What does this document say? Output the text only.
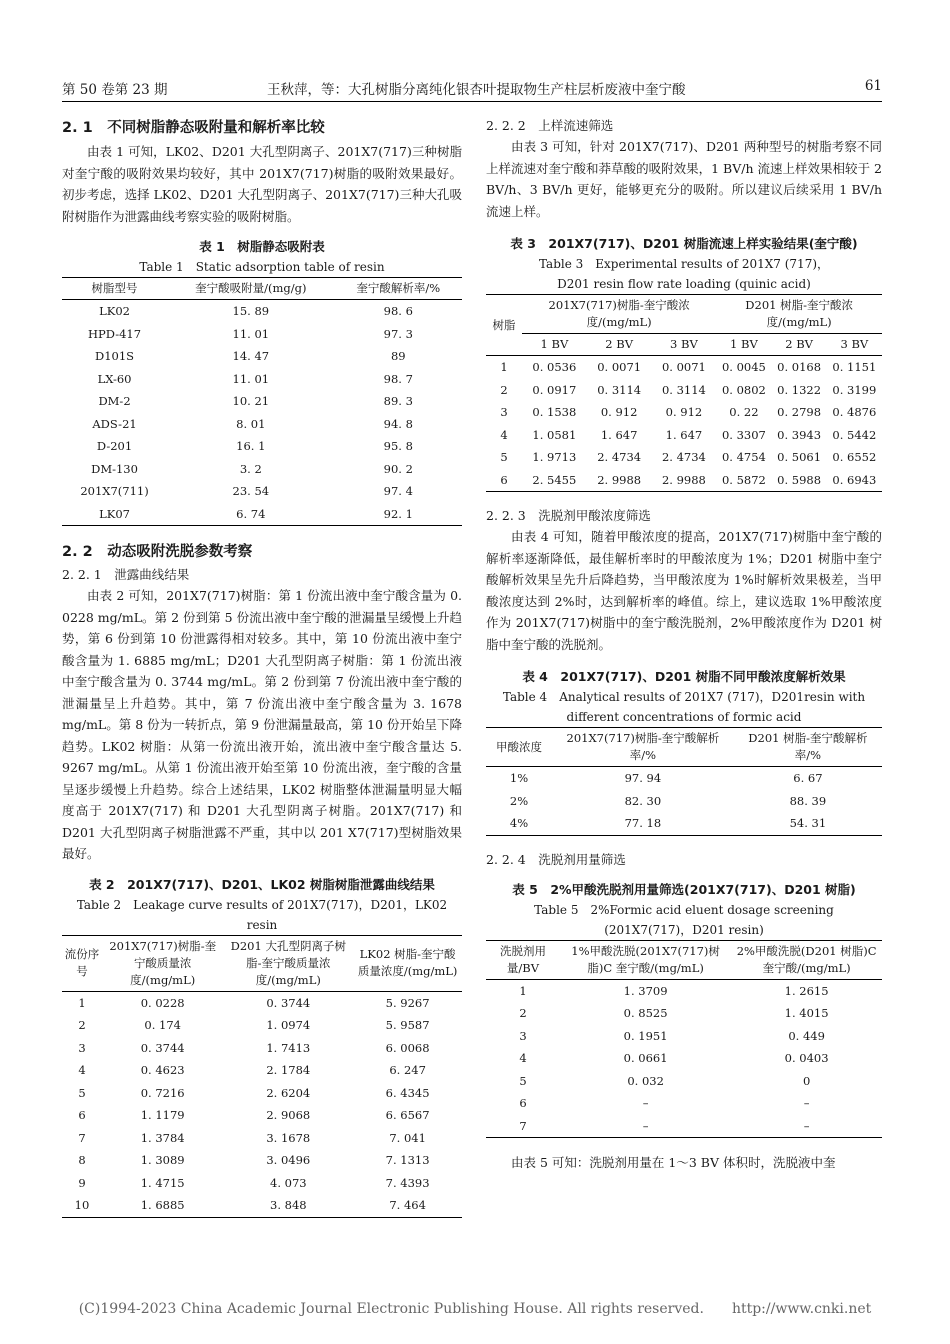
第 50 卷第 23 期	王秋萍，等：大孔树脂分离纯化银杏叶提取物生产柱层析废液中奎宁酸	61
2. 1　不同树脂静态吸附量和解析率比较

由表 1 可知，LK02、D201 大孔型阴离子、201X7(717)三种树脂对奎宁酸的吸附效果均较好，其中 201X7(717)树脂的吸附效果最好。初步考虑，选择 LK02、D201 大孔型阴离子、201X7(717)三种大孔吸附树脂作为泄露曲线考察实验的吸附树脂。

表 1　树脂静态吸附表

Table 1　Static adsorption table of resin

树脂型号	奎宁酸吸附量/(mg/g)	奎宁酸解析率/%
LK02	15. 89	98. 6
HPD-417	11. 01	97. 3
D101S	14. 47	89
LX-60	11. 01	98. 7
DM-2	10. 21	89. 3
ADS-21	8. 01	94. 8
D-201	16. 1	95. 8
DM-130	3. 2	90. 2
201X7(711)	23. 54	97. 4
LK07	6. 74	92. 1
2. 2　动态吸附洗脱参数考察
2. 2. 1　泄露曲线结果

由表 2 可知，201X7(717)树脂：第 1 份流出液中奎宁酸含量为 0. 0228 mg/mL。第 2 份到第 5 份流出液中奎宁酸的泄漏量呈缓慢上升趋势，第 6 份到第 10 份泄露得相对较多。其中，第 10 份流出液中奎宁酸含量为 1. 6885 mg/mL；D201 大孔型阴离子树脂：第 1 份流出液中奎宁酸含量为 0. 3744 mg/mL。第 2 份到第 7 份流出液中奎宁酸的泄漏量呈上升趋势。其中，第 7 份流出液中奎宁酸含量为 3. 1678 mg/mL。第 8 份为一转折点，第 9 份泄漏量最高，第 10 份开始呈下降趋势。LK02 树脂：从第一份流出液开始，流出液中奎宁酸含量达 5. 9267 mg/mL。从第 1 份流出液开始至第 10 份流出液，奎宁酸的含量呈逐步缓慢上升趋势。综合上述结果，LK02 树脂整体泄漏量明显大幅度高于 201X7(717) 和 D201 大孔型阴离子树脂。201X7(717) 和 D201 大孔型阴离子树脂泄露不严重，其中以 201 X7(717)型树脂效果最好。

表 2　201X7(717)、D201、LK02 树脂树脂泄露曲线结果

Table 2　Leakage curve results of 201X7(717)，D201，LK02 resin

流份序号	201X7(717)树脂-奎宁酸质量浓度/(mg/mL)	D201 大孔型阴离子树脂-奎宁酸质量浓度/(mg/mL)	LK02 树脂-奎宁酸质量浓度/(mg/mL)
1	0. 0228	0. 3744	5. 9267
2	0. 174	1. 0974	5. 9587
3	0. 3744	1. 7413	6. 0068
4	0. 4623	2. 1784	6. 247
5	0. 7216	2. 6204	6. 4345
6	1. 1179	2. 9068	6. 6567
7	1. 3784	3. 1678	7. 041
8	1. 3089	3. 0496	7. 1313
9	1. 4715	4. 073	7. 4393
10	1. 6885	3. 848	7. 464
2. 2. 2　上样流速筛选

由表 3 可知，针对 201X7(717)、D201 两种型号的树脂考察不同上样流速对奎宁酸和莽草酸的吸附效果，1 BV/h 流速上样效果相较于 2 BV/h、3 BV/h 更好，能够更充分的吸附。所以建议后续采用 1 BV/h 流速上样。

表 3　201X7(717)、D201 树脂流速上样实验结果(奎宁酸)

Table 3　Experimental results of 201X7 (717)，

D201 resin flow rate loading (quinic acid)

树脂	201X7(717)树脂-奎宁酸浓度/(mg/mL)			D201 树脂-奎宁酸浓度/(mg/mL)		
	1 BV	2 BV	3 BV	1 BV	2 BV	3 BV
1	0. 0536	0. 0071	0. 0071	0. 0045	0. 0168	0. 1151
2	0. 0917	0. 3114	0. 3114	0. 0802	0. 1322	0. 3199
3	0. 1538	0. 912	0. 912	0. 22	0. 2798	0. 4876
4	1. 0581	1. 647	1. 647	0. 3307	0. 3943	0. 5442
5	1. 9713	2. 4734	2. 4734	0. 4754	0. 5061	0. 6552
6	2. 5455	2. 9988	2. 9988	0. 5872	0. 5988	0. 6943
2. 2. 3　洗脱剂甲酸浓度筛选

由表 4 可知，随着甲酸浓度的提高，201X7(717)树脂中奎宁酸的解析率逐渐降低，最佳解析率时的甲酸浓度为 1%；D201 树脂中奎宁酸解析效果呈先升后降趋势，当甲酸浓度为 1%时解析效果极差，当甲酸浓度达到 2%时，达到解析率的峰值。综上，建议选取 1%甲酸浓度作为 201X7(717)树脂中的奎宁酸洗脱剂，2%甲酸浓度作为 D201 树脂中奎宁酸的洗脱剂。

表 4　201X7(717)、D201 树脂不同甲酸浓度解析效果

Table 4　Analytical results of 201X7 (717)，D201resin with

different concentrations of formic acid

甲酸浓度	201X7(717)树脂-奎宁酸解析率/%	D201 树脂-奎宁酸解析率/%
1%	97. 94	6. 67
2%	82. 30	88. 39
4%	77. 18	54. 31
2. 2. 4　洗脱剂用量筛选

表 5　2%甲酸洗脱剂用量筛选(201X7(717)、D201 树脂)

Table 5　2%Formic acid eluent dosage screening

(201X7(717)，D201 resin)

洗脱剂用量/BV	1%甲酸洗脱(201X7(717)树脂)C 奎宁酸/(mg/mL)	2%甲酸洗脱(D201 树脂)C 奎宁酸/(mg/mL)
1	1. 3709	1. 2615
2	0. 8525	1. 4015
3	0. 1951	0. 449
4	0. 0661	0. 0403
5	0. 032	0
6	–	–
7	–	–

由表 5 可知：洗脱剂用量在 1～3 BV 体积时，洗脱液中奎

(C)1994-2023 China Academic Journal Electronic Publishing House. All rights reserved.　　http://www.cnki.net
